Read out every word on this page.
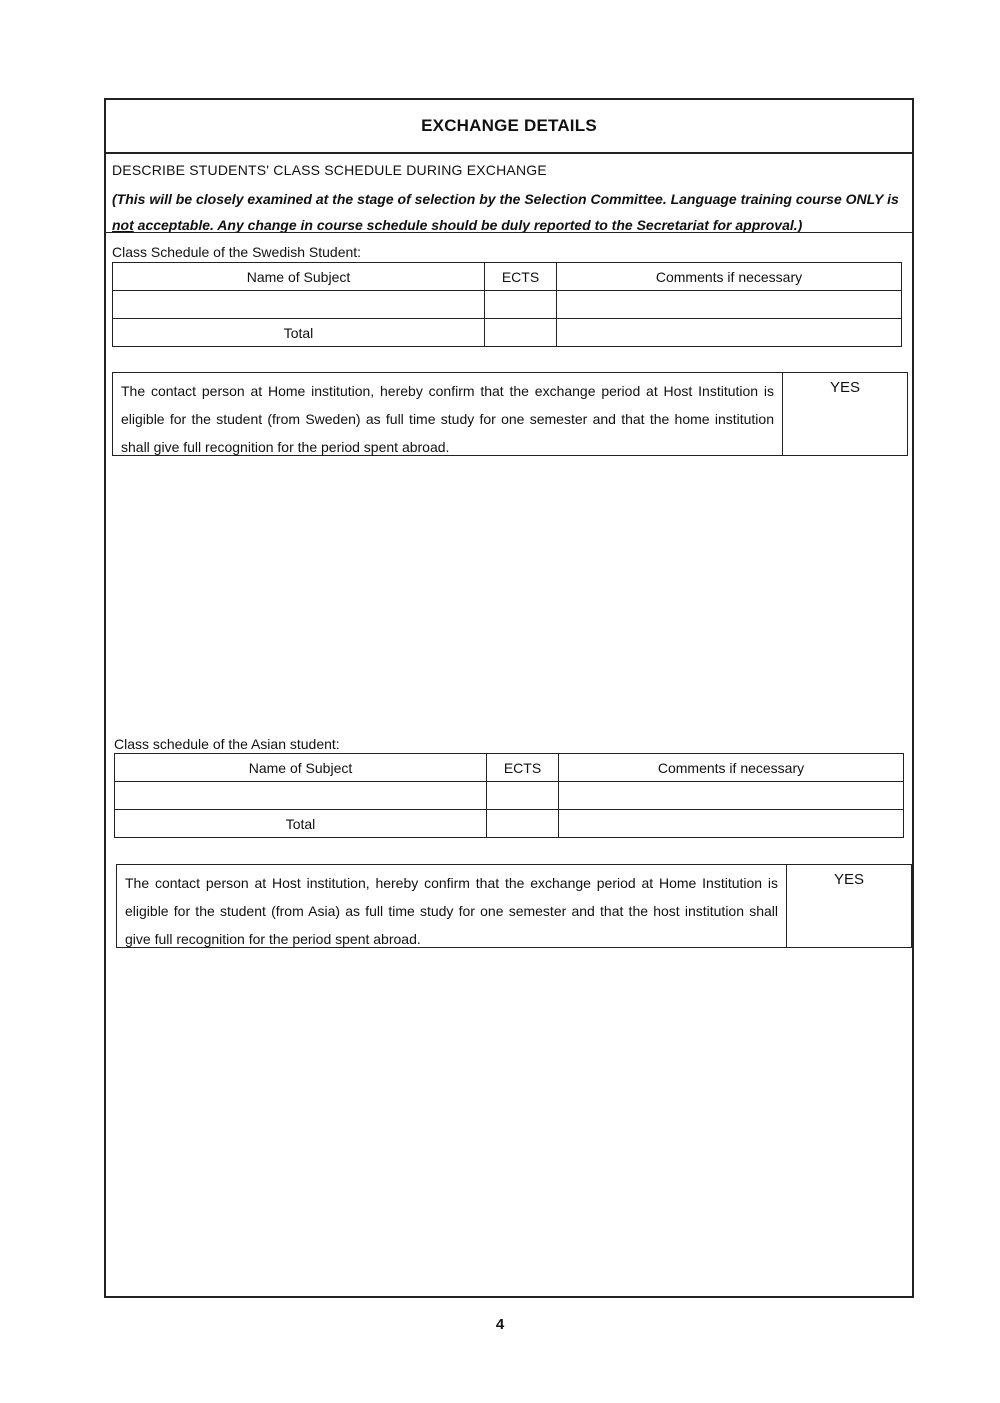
EXCHANGE DETAILS
DESCRIBE STUDENTS' CLASS SCHEDULE DURING EXCHANGE
(This will be closely examined at the stage of selection by the Selection Committee. Language training course ONLY is not acceptable. Any change in course schedule should be duly reported to the Secretariat for approval.)
Class Schedule of the Swedish Student:
Name of Subject	ECTS	Comments if necessary

Total		
The contact person at Home institution, hereby confirm that the exchange period at Host Institution is eligible for the student (from Sweden) as full time study for one semester and that the home institution shall give full recognition for the period spent abroad.
YES
Class schedule of the Asian student:
Name of Subject	ECTS	Comments if necessary

Total		
The contact person at Host institution, hereby confirm that the exchange period at Home Institution is eligible for the student (from Asia) as full time study for one semester and that the host institution shall give full recognition for the period spent abroad.
YES
4
